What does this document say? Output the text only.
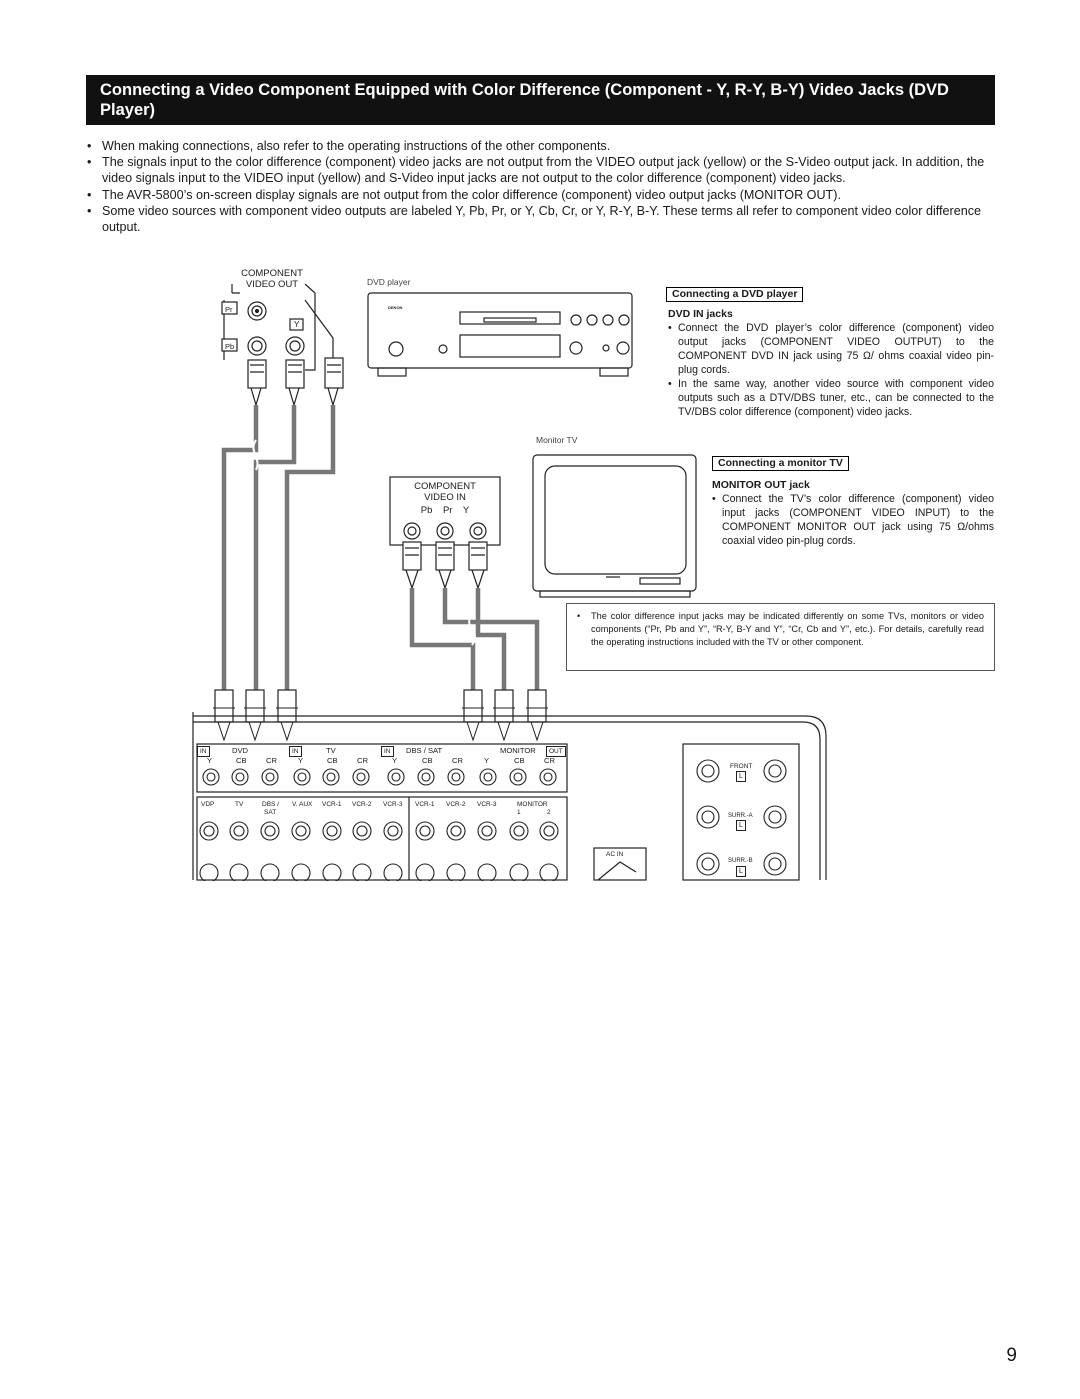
Connecting a Video Component Equipped with Color Difference (Component - Y, R-Y, B-Y) Video Jacks (DVD Player)
• When making connections, also refer to the operating instructions of the other components.
• The signals input to the color difference (component) video jacks are not output from the VIDEO output jack (yellow) or the S-Video output jack. In addition, the video signals input to the VIDEO input (yellow) and S-Video input jacks are not output to the color difference (component) video jacks.
• The AVR-5800’s on-screen display signals are not output from the color difference (component) video output jacks (MONITOR OUT).
• Some video sources with component video outputs are labeled Y, Pb, Pr, or Y, Cb, Cr, or Y, R-Y, B-Y. These terms all refer to component video color difference output.
DENON
COMPONENT
VIDEO OUT
Pr
Pb
Y
DVD player
Connecting a DVD player
DVD IN jacks
• Connect the DVD player’s color difference (component) video output jacks (COMPONENT VIDEO OUTPUT) to the COMPONENT DVD IN jack using 75 Ω/ ohms coaxial video pin-plug cords.
• In the same way, another video source with component video outputs such as a DTV/DBS tuner, etc., can be connected to the TV/DBS color difference (component) video jacks.
Monitor TV
COMPONENT
VIDEO IN
Pb    Pr    Y
Connecting a monitor TV
MONITOR OUT jack
• Connect the TV’s color difference (component) video input jacks (COMPONENT VIDEO INPUT) to the COMPONENT MONITOR OUT jack using 75 Ω/ohms coaxial video pin-plug cords.
• The color difference input jacks may be indicated differently on some TVs, monitors or video components (“Pr, Pb and Y”, “R-Y, B-Y and Y”, “Cr, Cb and Y”, etc.). For details, carefully read the operating instructions included with the TV or other component.
IN	DVD	IN	TV	IN	DBS / SAT	MONITOR	OUT
Y	CB	CR	Y	CB	CR	Y	CB	CR	Y	CB	CR
VDP	TV	DBS /
SAT
V. AUX VCR-1 VCR-2 VCR-3 VCR-1 VCR-2 VCR-3	MONITOR
1	2
AC IN
FRONT
L
SURR.-A
L
SURR.-B
L
9
